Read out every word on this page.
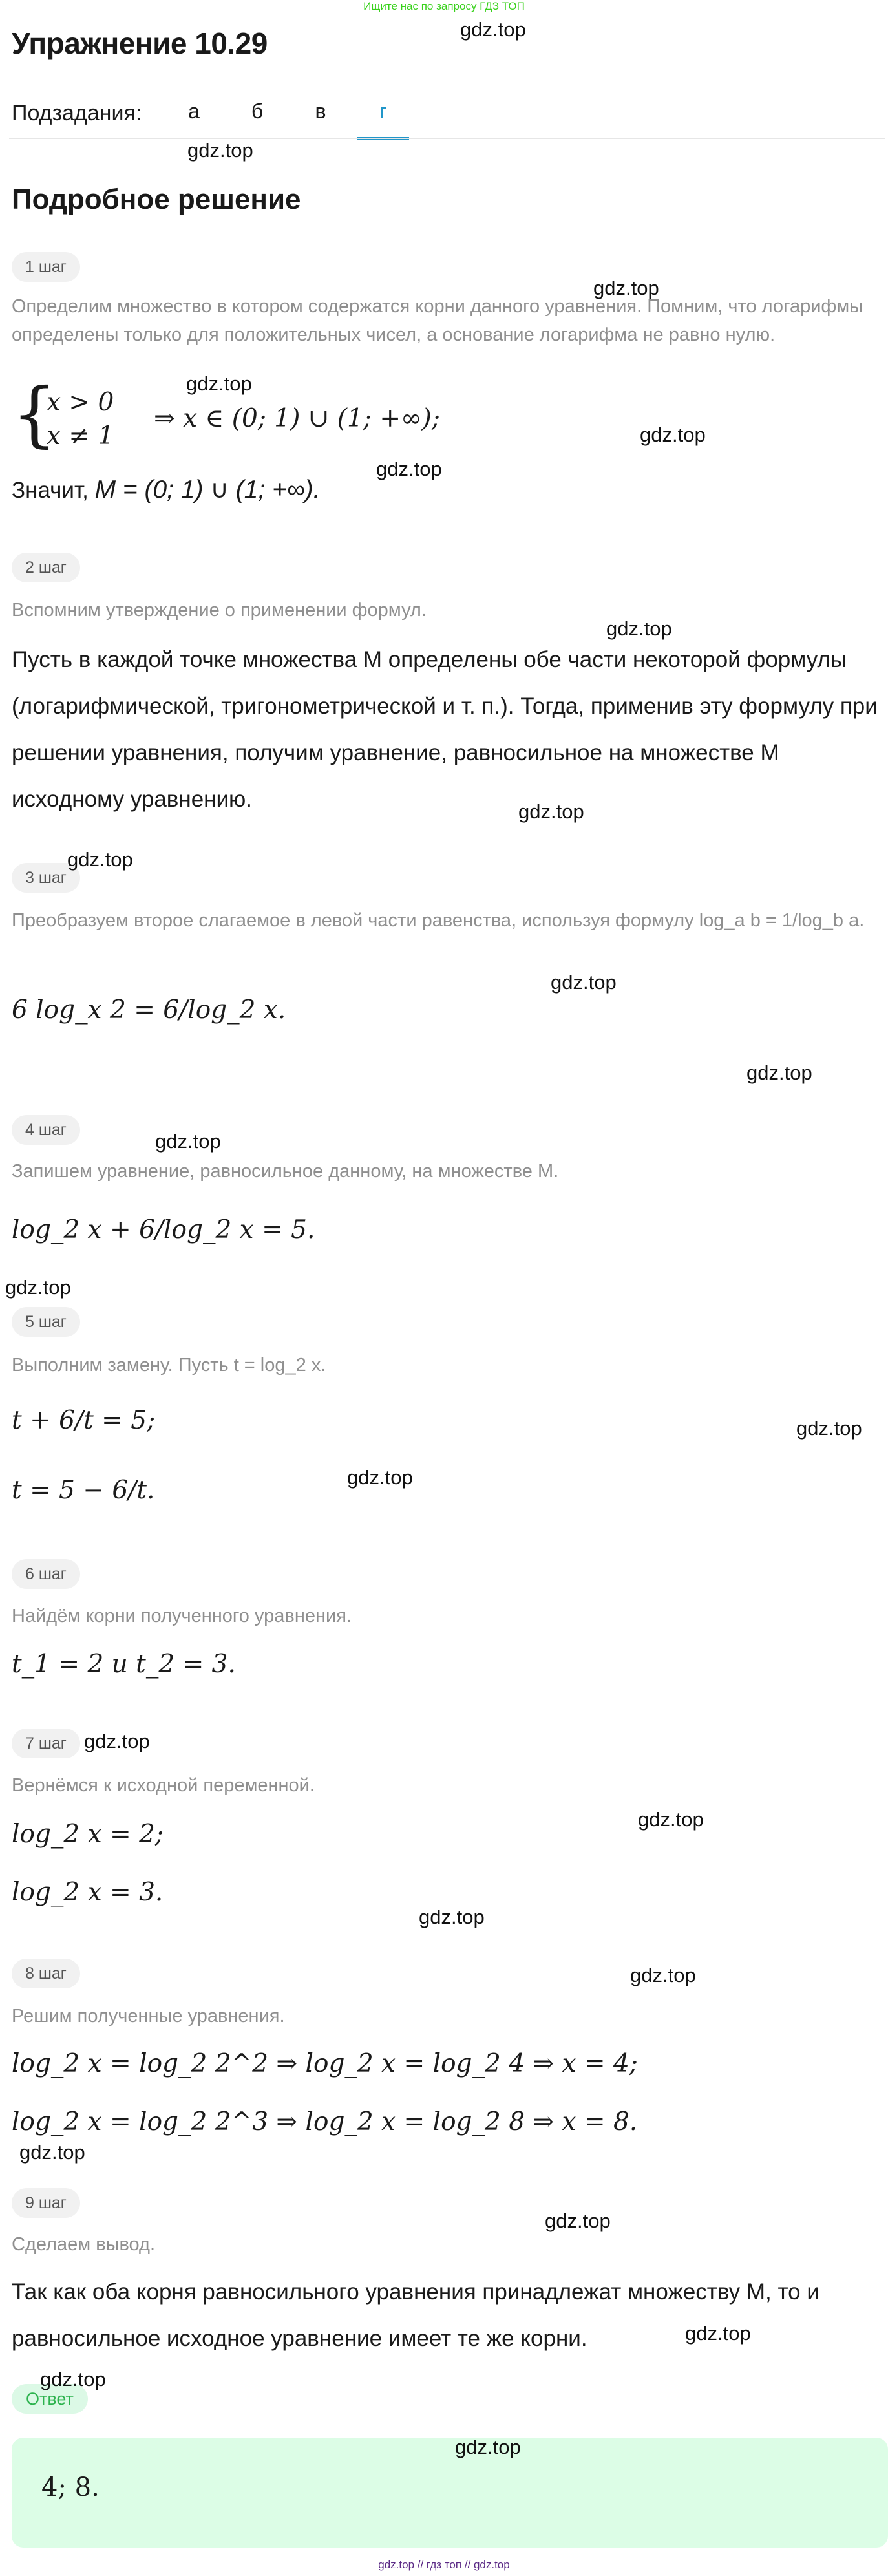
Ищите нас по запросу ГДЗ ТОП
Упражнение 10.29
Подзадания:	а	б	в	г
Подробное решение
1 шаг
Определим множество в котором содержатся корни данного уравнения. Помним, что логарифмы определены только для положительных чисел, а основание логарифма не равно нулю.
{
x > 0
x ≠ 1
⇒ x ∈ (0; 1) ∪ (1; +∞);
Значит, M = (0; 1) ∪ (1; +∞).
2 шаг
Вспомним утверждение о применении формул.
Пусть в каждой точке множества M определены обе части некоторой формулы (логарифмической, тригонометрической и т. п.). Тогда, применив эту формулу при решении уравнения, получим уравнение, равносильное на множестве M исходному уравнению.
3 шаг
Преобразуем второе слагаемое в левой части равенства, используя формулу log_a b = 1/log_b a.
6 log_x 2 = 6/log_2 x.
4 шаг
Запишем уравнение, равносильное данному, на множестве M.
log_2 x + 6/log_2 x = 5.
5 шаг
Выполним замену. Пусть t = log_2 x.
t + 6/t = 5;
t = 5 − 6/t.
6 шаг
Найдём корни полученного уравнения.
t_1 = 2 и t_2 = 3.
7 шаг
Вернёмся к исходной переменной.
log_2 x = 2;
log_2 x = 3.
8 шаг
Решим полученные уравнения.
log_2 x = log_2 2^2 ⇒ log_2 x = log_2 4 ⇒ x = 4;
log_2 x = log_2 2^3 ⇒ log_2 x = log_2 8 ⇒ x = 8.
9 шаг
Сделаем вывод.
Так как оба корня равносильного уравнения принадлежат множеству M, то и равносильное исходное уравнение имеет те же корни.
Ответ
4; 8.
gdz.top
gdz.top
gdz.top
gdz.top
gdz.top
gdz.top
gdz.top
gdz.top
gdz.top
gdz.top
gdz.top
gdz.top
gdz.top
gdz.top
gdz.top
gdz.top
gdz.top
gdz.top
gdz.top
gdz.top
gdz.top
gdz.top
gdz.top
gdz.top
gdz.top // гдз топ // gdz.top
